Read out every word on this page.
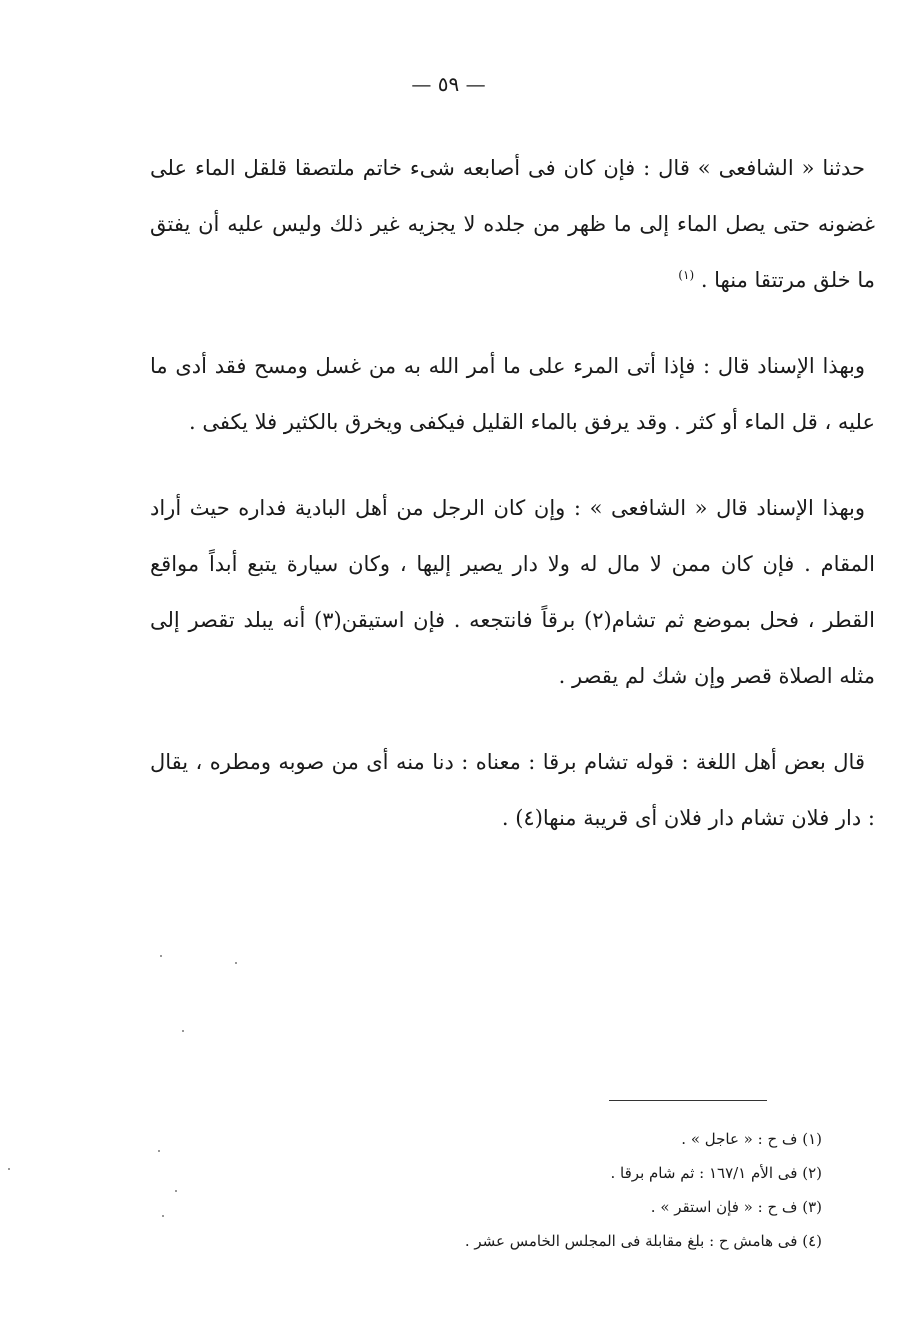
— ٥٩ —

حدثنا « الشافعى » قال : فإن كان فى أصابعه شىء خاتم ملتصقا قلقل الماء على غضونه حتى يصل الماء إلى ما ظهر من جلده لا يجزيه غير ذلك وليس عليه أن يفتق ما خلق مرتتقا منها . $^{(١)}$

وبهذا الإسناد قال : فإذا أتى المرء على ما أمر الله به من غسل ومسح فقد أدى ما عليه ، قل الماء أو كثر . وقد يرفق بالماء القليل فيكفى ويخرق بالكثير فلا يكفى .

وبهذا الإسناد قال « الشافعى » : وإن كان الرجل من أهل البادية فداره حيث أراد المقام . فإن كان ممن لا مال له ولا دار يصير إليها ، وكان سيارة يتبع أبداً مواقع القطر ، فحل بموضع ثم تشام(٢) برقاً فانتجعه . فإن استيقن(٣) أنه يبلد تقصر إلى مثله الصلاة قصر وإن شك لم يقصر .

قال بعض أهل اللغة : قوله تشام برقا : معناه : دنا منه أى من صوبه ومطره ، يقال : دار فلان تشام دار فلان أى قريبة منها(٤) .

(١) ف ح : « عاجل » .
(٢) فى الأم ١٦٧/١ : ثم شام برقا .
(٣) ف ح : « فإن استقر » .
(٤) فى هامش ح : بلغ مقابلة فى المجلس الخامس عشر .
